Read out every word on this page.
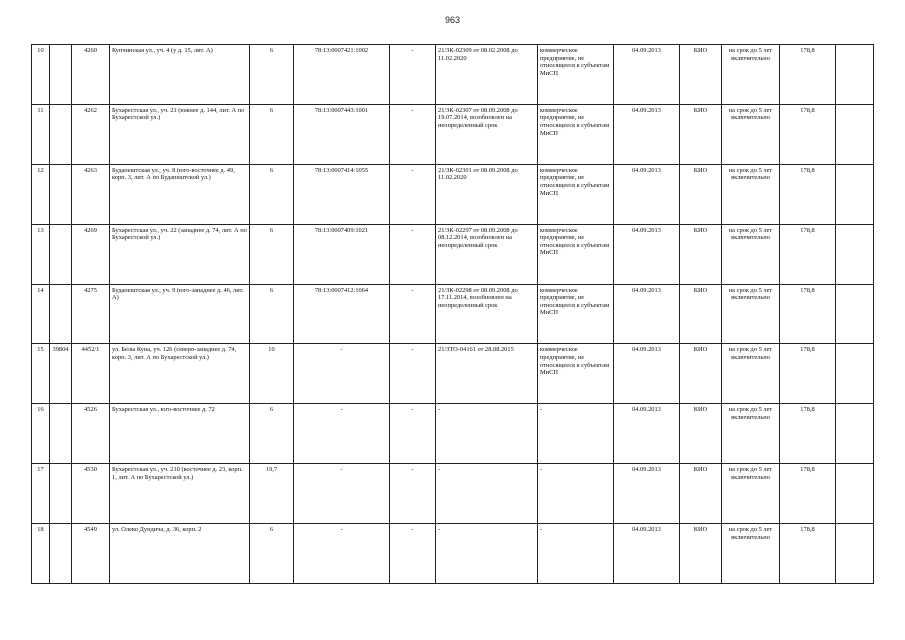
963
10		4260	Купчинская ул., уч. 4 (у д. 15, лит. А)	6	78:13:0007421:1002	-	21/ЗК-02309 от 08.02.2008 до 11.02.2020	коммерческое предприятие, не относящееся к субъектам МиСП	04.09.2013	КИО	на срок до 5 лет включительно	178,8	
11		4262	Бухарестская ул., уч. 21 (южнее д. 144, лит. А по Бухарестской ул.)	6	78:13:0007443:1001	-	21/ЗК-02307 от 08.09.2008 до 19.07.2014, возобновлен на неопределенный срок	коммерческое предприятие, не относящееся к субъектам МиСП	04.09.2013	КИО	на срок до 5 лет включительно	178,8	
12		4263	Будапештская ул., уч. 8 (юго-восточнее д. 49, корп. 3, лит. А по Будапештской ул.)	6	78:13:0007414:1055	-	21/ЗК-02301 от 08.09.2008 до 11.02.2020	коммерческое предприятие, не относящееся к субъектам МиСП	04.09.2013	КИО	на срок до 5 лет включительно	178,8	
13		4269	Бухарестская ул., уч. 22 (западнее д. 74, лит. А по Бухарестской ул.)	6	78:13:0007409:1021	-	21/ЗК-02297 от 08.09.2008 до 08.12.2014, возобновлен на неопределенный срок	коммерческое предприятие, не относящееся к субъектам МиСП	04.09.2013	КИО	на срок до 5 лет включительно	178,8	
14		4275	Будапештская ул., уч. 9 (юго-западнее д. 46, лит. А)	6	78:13:0007412:1064	-	21/ЗК-02298 от 08.09.2008 до 17.11.2014, возобновлен на неопределенный срок	коммерческое предприятие, не относящееся к субъектам МиСП	04.09.2013	КИО	на срок до 5 лет включительно	178,8	
15	39804	4452/1	ул. Белы Куна, уч. 126 (северо-западнее д. 74, корп. 3, лит. А по Бухарестской ул.)	10	-	-	21/ЗТО-04161 от 28.08.2015	коммерческое предприятие, не относящееся к субъектам МиСП	04.09.2013	КИО	на срок до 5 лет включительно	178,8	
16		4526	Бухарестская ул., юго-восточнее д. 72	6	-	-	-	-	04.09.2013	КИО	на срок до 5 лет включительно	178,8	
17		4530	Бухарестская ул., уч. 210 (восточнее д. 23, корп. 1, лит. А по Бухарестской ул.)	19,7	-	-	-	-	04.09.2013	КИО	на срок до 5 лет включительно	178,8	
18		4549	ул. Олеко Дундича, д. 36, корп. 2	6	-	-	-	-	04.09.2013	КИО	на срок до 5 лет включительно	178,8	
